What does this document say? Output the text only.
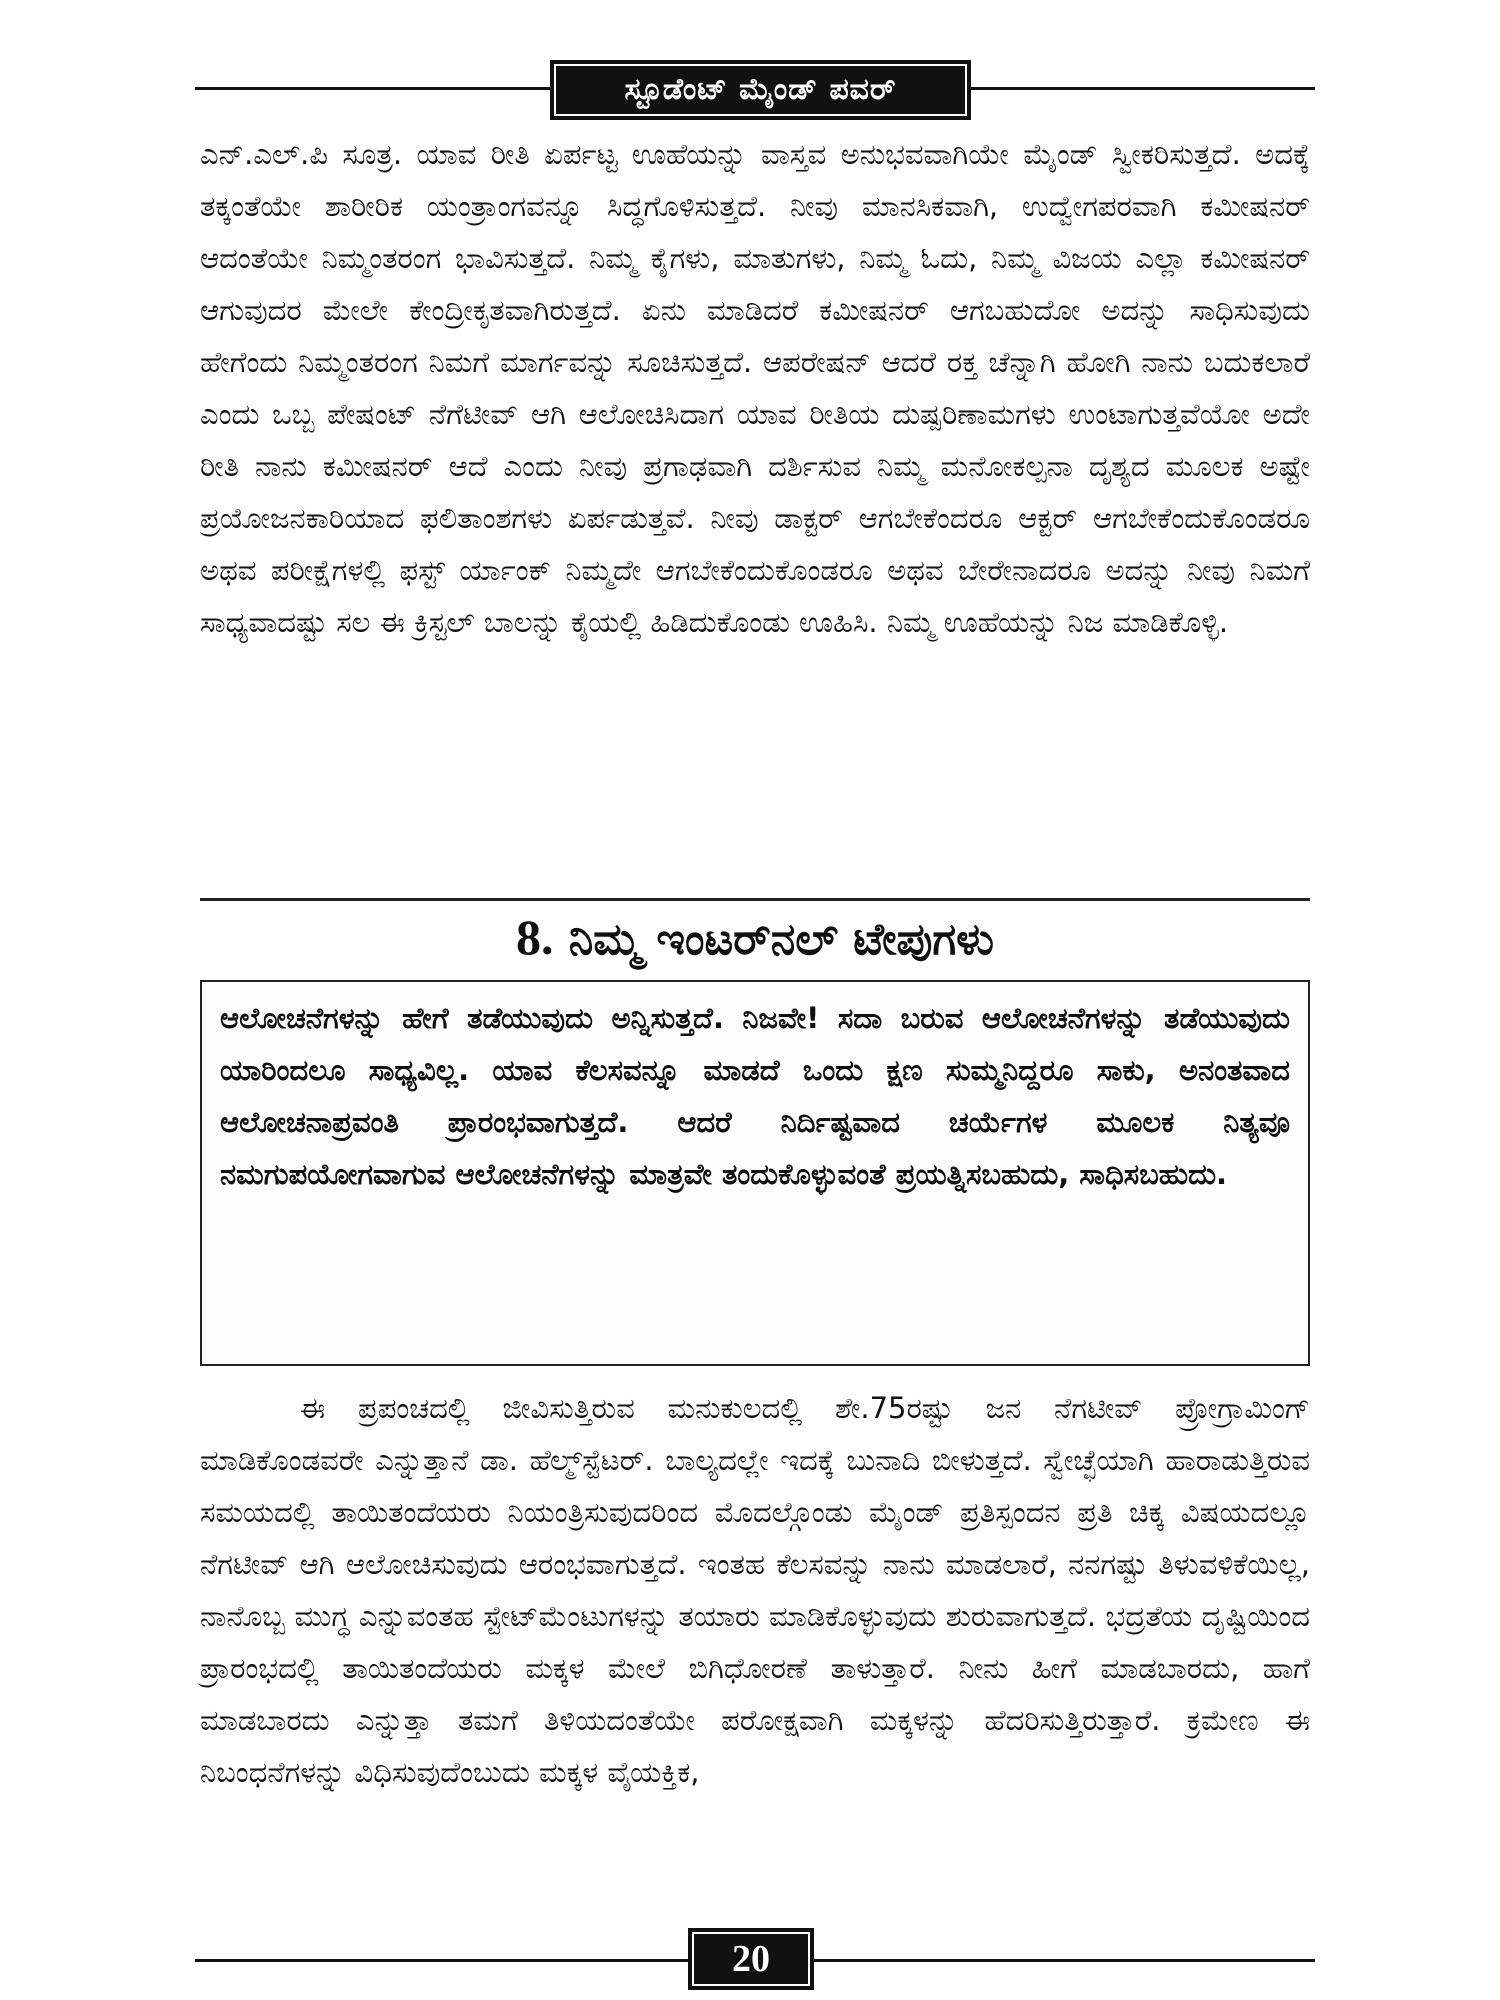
ಸ್ಟೂಡೆಂಟ್ ಮೈಂಡ್ ಪವರ್

ಎನ್.ಎಲ್.ಪಿ ಸೂತ್ರ. ಯಾವ ರೀತಿ ಏರ್ಪಟ್ಟ ಊಹೆಯನ್ನು ವಾಸ್ತವ ಅನುಭವವಾಗಿಯೇ ಮೈಂಡ್ ಸ್ವೀಕರಿಸುತ್ತದೆ. ಅದಕ್ಕೆ ತಕ್ಕಂತೆಯೇ ಶಾರೀರಿಕ ಯಂತ್ರಾಂಗವನ್ನೂ ಸಿದ್ಧಗೊಳಿಸುತ್ತದೆ. ನೀವು ಮಾನಸಿಕವಾಗಿ, ಉದ್ವೇಗಪರವಾಗಿ ಕಮೀಷನರ್ ಆದಂತೆಯೇ ನಿಮ್ಮಂತರಂಗ ಭಾವಿಸುತ್ತದೆ. ನಿಮ್ಮ ಕೈಗಳು, ಮಾತುಗಳು, ನಿಮ್ಮ ಓದು, ನಿಮ್ಮ ವಿಜಯ ಎಲ್ಲಾ ಕಮೀಷನರ್ ಆಗುವುದರ ಮೇಲೇ ಕೇಂದ್ರೀಕೃತವಾಗಿರುತ್ತದೆ. ಏನು ಮಾಡಿದರೆ ಕಮೀಷನರ್ ಆಗಬಹುದೋ ಅದನ್ನು ಸಾಧಿಸುವುದು ಹೇಗೆಂದು ನಿಮ್ಮಂತರಂಗ ನಿಮಗೆ ಮಾರ್ಗವನ್ನು ಸೂಚಿಸುತ್ತದೆ. ಆಪರೇಷನ್ ಆದರೆ ರಕ್ತ ಚೆನ್ನಾಗಿ ಹೋಗಿ ನಾನು ಬದುಕಲಾರೆ ಎಂದು ಒಬ್ಬ ಪೇಷಂಟ್ ನೆಗೆಟೀವ್ ಆಗಿ ಆಲೋಚಿಸಿದಾಗ ಯಾವ ರೀತಿಯ ದುಷ್ಪರಿಣಾಮಗಳು ಉಂಟಾಗುತ್ತವೆಯೋ ಅದೇ ರೀತಿ ನಾನು ಕಮೀಷನರ್ ಆದೆ ಎಂದು ನೀವು ಪ್ರಗಾಢವಾಗಿ ದರ್ಶಿಸುವ ನಿಮ್ಮ ಮನೋಕಲ್ಪನಾ ದೃಶ್ಯದ ಮೂಲಕ ಅಷ್ಟೇ ಪ್ರಯೋಜನಕಾರಿಯಾದ ಫಲಿತಾಂಶಗಳು ಏರ್ಪಡುತ್ತವೆ. ನೀವು ಡಾಕ್ಟರ್ ಆಗಬೇಕೆಂದರೂ ಆಕ್ಟರ್ ಆಗಬೇಕೆಂದುಕೊಂಡರೂ ಅಥವ ಪರೀಕ್ಷೆಗಳಲ್ಲಿ ಫಸ್ಟ್ ರ್ಯಾಂಕ್ ನಿಮ್ಮದೇ ಆಗಬೇಕೆಂದುಕೊಂಡರೂ ಅಥವ ಬೇರೇನಾದರೂ ಅದನ್ನು ನೀವು ನಿಮಗೆ ಸಾಧ್ಯವಾದಷ್ಟು ಸಲ ಈ ಕ್ರಿಸ್ಟಲ್ ಬಾಲನ್ನು ಕೈಯಲ್ಲಿ ಹಿಡಿದುಕೊಂಡು ಊಹಿಸಿ. ನಿಮ್ಮ ಊಹೆಯನ್ನು ನಿಜ ಮಾಡಿಕೊಳ್ಳಿ.

8. ನಿಮ್ಮ ಇಂಟರ್‌ನಲ್ ಟೇಪುಗಳು

ಆಲೋಚನೆಗಳನ್ನು ಹೇಗೆ ತಡೆಯುವುದು ಅನ್ನಿಸುತ್ತದೆ. ನಿಜವೇ! ಸದಾ ಬರುವ ಆಲೋಚನೆಗಳನ್ನು ತಡೆಯುವುದು ಯಾರಿಂದಲೂ ಸಾಧ್ಯವಿಲ್ಲ. ಯಾವ ಕೆಲಸವನ್ನೂ ಮಾಡದೆ ಒಂದು ಕ್ಷಣ ಸುಮ್ಮನಿದ್ದರೂ ಸಾಕು, ಅನಂತವಾದ ಆಲೋಚನಾಪ್ರವಂತಿ ಪ್ರಾರಂಭವಾಗುತ್ತದೆ. ಆದರೆ ನಿರ್ದಿಷ್ಟವಾದ ಚರ್ಯೆಗಳ ಮೂಲಕ ನಿತ್ಯವೂ ನಮಗುಪಯೋಗವಾಗುವ ಆಲೋಚನೆಗಳನ್ನು ಮಾತ್ರವೇ ತಂದುಕೊಳ್ಳುವಂತೆ ಪ್ರಯತ್ನಿಸಬಹುದು, ಸಾಧಿಸಬಹುದು.

ಈ ಪ್ರಪಂಚದಲ್ಲಿ ಜೀವಿಸುತ್ತಿರುವ ಮನುಕುಲದಲ್ಲಿ ಶೇ.75ರಷ್ಟು ಜನ ನೆಗಟೀವ್ ಪ್ರೋಗ್ರಾಮಿಂಗ್ ಮಾಡಿಕೊಂಡವರೇ ಎನ್ನುತ್ತಾನೆ ಡಾ. ಹೆಲ್ಮ್‌ಸ್ಟೆಟರ್. ಬಾಲ್ಯದಲ್ಲೇ ಇದಕ್ಕೆ ಬುನಾದಿ ಬೀಳುತ್ತದೆ. ಸ್ವೇಚ್ಛೆಯಾಗಿ ಹಾರಾಡುತ್ತಿರುವ ಸಮಯದಲ್ಲಿ ತಾಯಿತಂದೆಯರು ನಿಯಂತ್ರಿಸುವುದರಿಂದ ಮೊದಲ್ಗೊಂಡು ಮೈಂಡ್ ಪ್ರತಿಸ್ಪಂದನ ಪ್ರತಿ ಚಿಕ್ಕ ವಿಷಯದಲ್ಲೂ ನೆಗಟೀವ್ ಆಗಿ ಆಲೋಚಿಸುವುದು ಆರಂಭವಾಗುತ್ತದೆ. ಇಂತಹ ಕೆಲಸವನ್ನು ನಾನು ಮಾಡಲಾರೆ, ನನಗಷ್ಟು ತಿಳುವಳಿಕೆಯಿಲ್ಲ, ನಾನೊಬ್ಬ ಮುಗ್ಧ ಎನ್ನುವಂತಹ ಸ್ಟೇಟ್‌ಮೆಂಟುಗಳನ್ನು ತಯಾರು ಮಾಡಿಕೊಳ್ಳುವುದು ಶುರುವಾಗುತ್ತದೆ. ಭದ್ರತೆಯ ದೃಷ್ಟಿಯಿಂದ ಪ್ರಾರಂಭದಲ್ಲಿ ತಾಯಿತಂದೆಯರು ಮಕ್ಕಳ ಮೇಲೆ ಬಿಗಿಧೋರಣೆ ತಾಳುತ್ತಾರೆ. ನೀನು ಹೀಗೆ ಮಾಡಬಾರದು, ಹಾಗೆ ಮಾಡಬಾರದು ಎನ್ನುತ್ತಾ ತಮಗೆ ತಿಳಿಯದಂತೆಯೇ ಪರೋಕ್ಷವಾಗಿ ಮಕ್ಕಳನ್ನು ಹೆದರಿಸುತ್ತಿರುತ್ತಾರೆ. ಕ್ರಮೇಣ ಈ ನಿಬಂಧನೆಗಳನ್ನು ವಿಧಿಸುವುದೆಂಬುದು ಮಕ್ಕಳ ವೈಯಕ್ತಿಕ,

20
